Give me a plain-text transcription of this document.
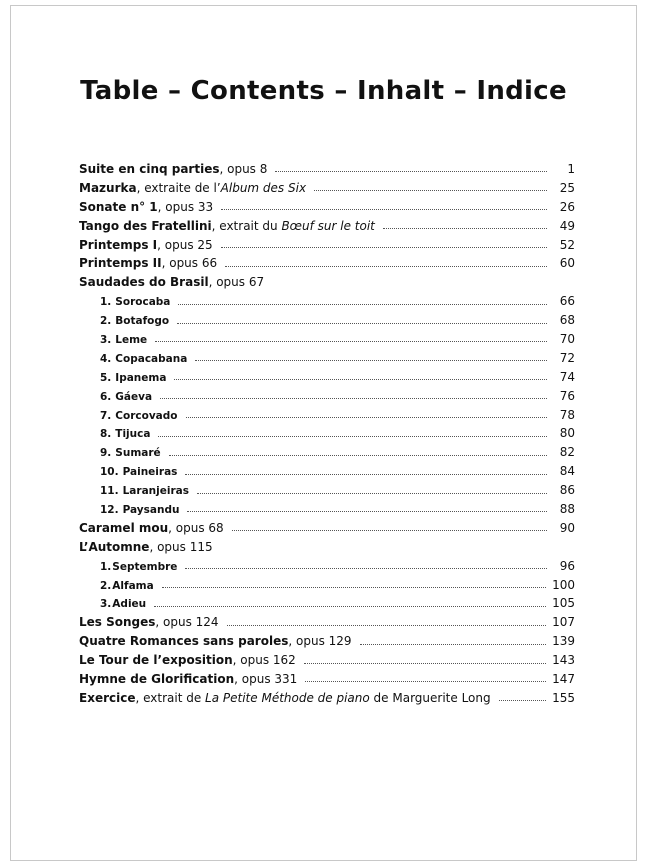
Table – Contents – Inhalt – Indice
Suite en cinq parties, opus 8	1
Mazurka, extraite de l’Album des Six	25
Sonate n° 1, opus 33	26
Tango des Fratellini, extrait du Bœuf sur le toit	49
Printemps I, opus 25	52
Printemps II, opus 66	60
Saudades do Brasil, opus 67
1. Sorocaba	66
2. Botafogo	68
3. Leme	70
4. Copacabana	72
5. Ipanema	74
6. Gáeva	76
7. Corcovado	78
8. Tijuca	80
9. Sumaré	82
10. Paineiras	84
11. Laranjeiras	86
12. Paysandu	88
Caramel mou, opus 68	90
L’Automne, opus 115
1.Septembre	96
2.Alfama	100
3.Adieu	105
Les Songes, opus 124	107
Quatre Romances sans paroles, opus 129	139
Le Tour de l’exposition, opus 162	143
Hymne de Glorification, opus 331	147
Exercice, extrait de La Petite Méthode de piano de Marguerite Long	155
